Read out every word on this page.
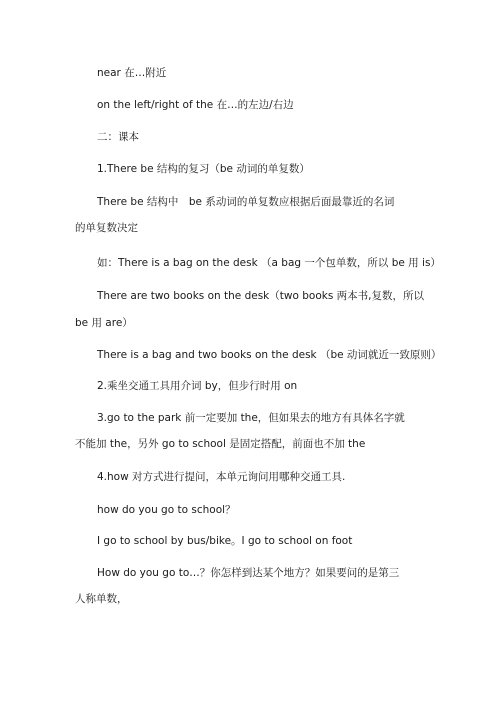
near 在…附近
on the left/right of the 在…的左边/右边
二：课本
1.There be 结构的复习（be 动词的单复数）
There be 结构中　be 系动词的单复数应根据后面最靠近的名词
的单复数决定
如：There is a bag on the desk （a bag 一个包单数，所以 be 用 is）
There are two books on the desk（two books 两本书,复数，所以
be 用 are）
There is a bag and two books on the desk （be 动词就近一致原则）
2.乘坐交通工具用介词 by，但步行时用 on
3.go to the park 前一定要加 the，但如果去的地方有具体名字就
不能加 the，另外 go to school 是固定搭配，前面也不加 the
4.how 对方式进行提问，本单元询问用哪种交通工具.
how do you go to school？
I go to school by bus/bike。I go to school on foot
How do you go to…？你怎样到达某个地方？如果要问的是第三
人称单数，
